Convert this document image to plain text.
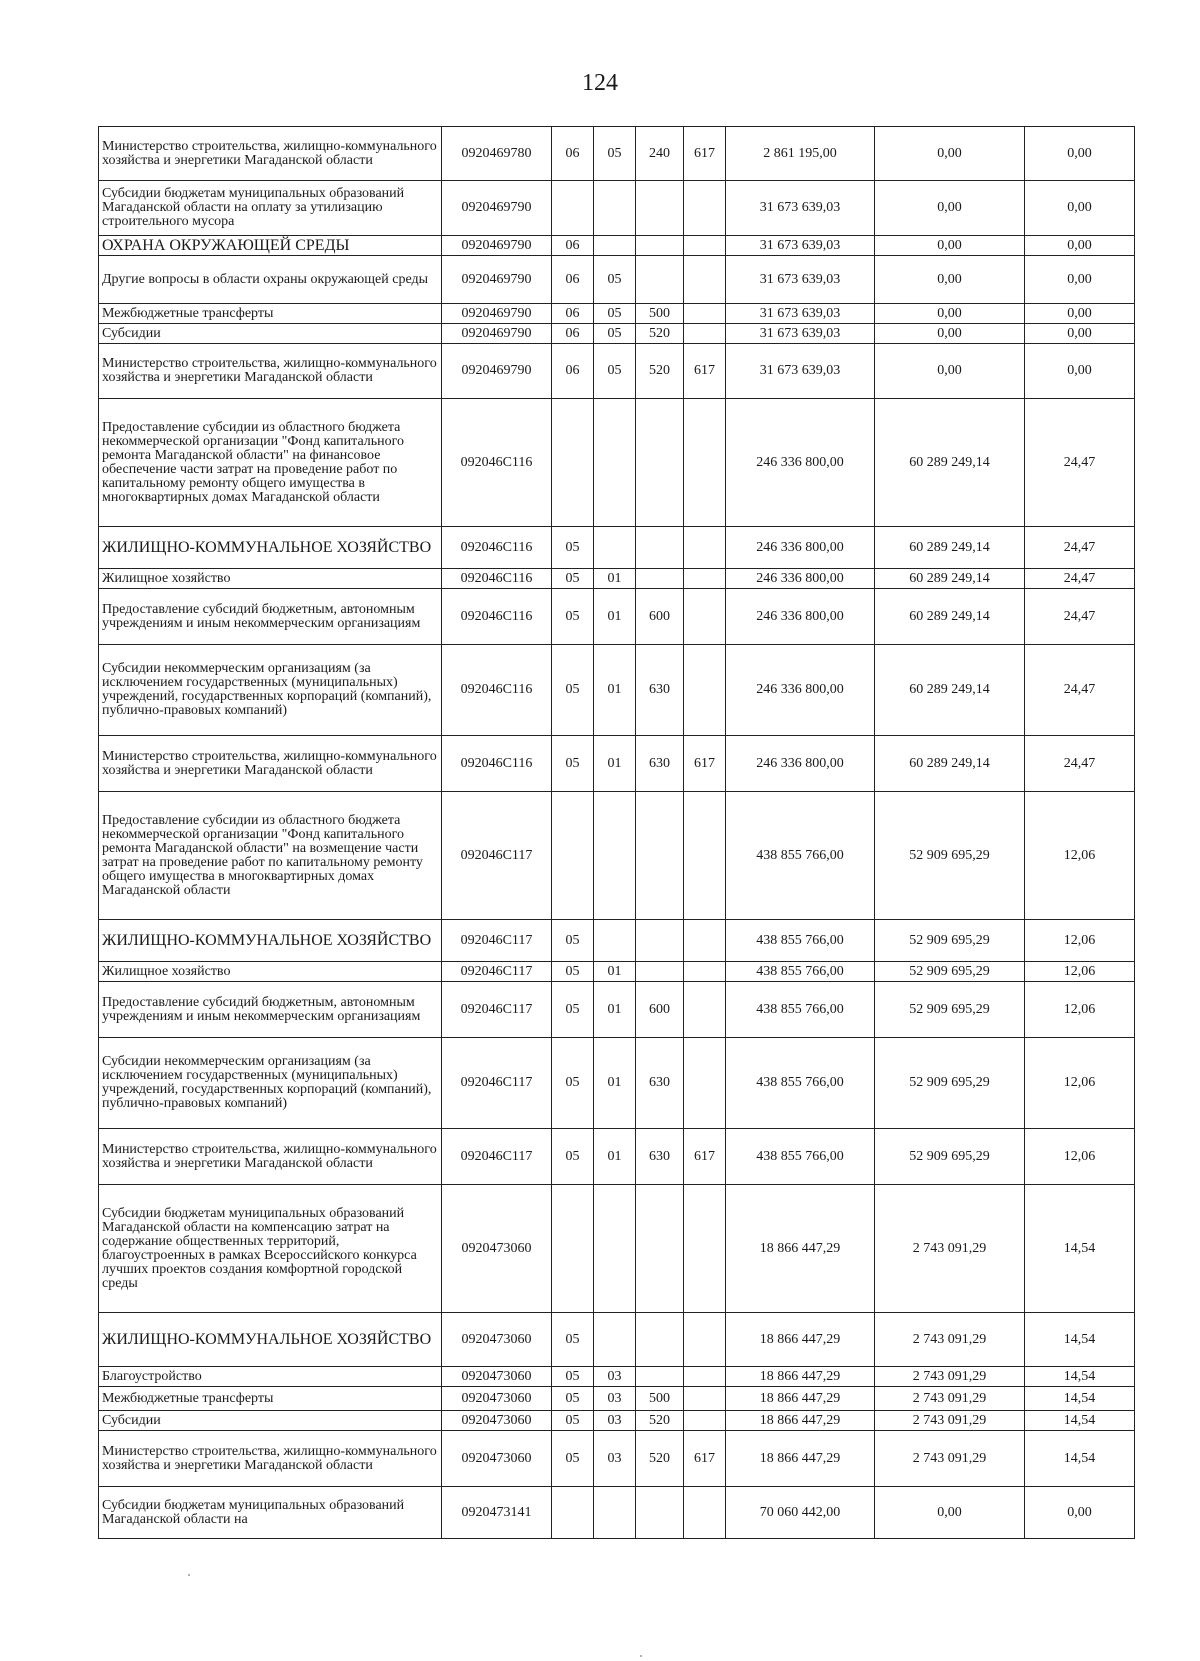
124
Министерство строительства, жилищно-коммунального хозяйства и энергетики Магаданской области	0920469780	06	05	240	617	2 861 195,00	0,00	0,00
Субсидии бюджетам муниципальных образований Магаданской области на оплату за утилизацию строительного мусора	0920469790					31 673 639,03	0,00	0,00
ОХРАНА ОКРУЖАЮЩЕЙ СРЕДЫ	0920469790	06				31 673 639,03	0,00	0,00
Другие вопросы в области охраны окружающей среды	0920469790	06	05			31 673 639,03	0,00	0,00
Межбюджетные трансферты	0920469790	06	05	500		31 673 639,03	0,00	0,00
Субсидии	0920469790	06	05	520		31 673 639,03	0,00	0,00
Министерство строительства, жилищно-коммунального хозяйства и энергетики Магаданской области	0920469790	06	05	520	617	31 673 639,03	0,00	0,00
Предоставление субсидии из областного бюджета некоммерческой организации "Фонд капитального ремонта Магаданской области" на финансовое обеспечение части затрат на проведение работ по капитальному ремонту общего имущества в многоквартирных домах Магаданской области	092046С116					246 336 800,00	60 289 249,14	24,47
ЖИЛИЩНО-КОММУНАЛЬНОЕ ХОЗЯЙСТВО	092046С116	05				246 336 800,00	60 289 249,14	24,47
Жилищное хозяйство	092046С116	05	01			246 336 800,00	60 289 249,14	24,47
Предоставление субсидий бюджетным, автономным учреждениям и иным некоммерческим организациям	092046С116	05	01	600		246 336 800,00	60 289 249,14	24,47
Субсидии некоммерческим организациям (за исключением государственных (муниципальных) учреждений, государственных корпораций (компаний), публично-правовых компаний)	092046С116	05	01	630		246 336 800,00	60 289 249,14	24,47
Министерство строительства, жилищно-коммунального хозяйства и энергетики Магаданской области	092046С116	05	01	630	617	246 336 800,00	60 289 249,14	24,47
Предоставление субсидии из областного бюджета некоммерческой организации "Фонд капитального ремонта Магаданской области" на возмещение части затрат на проведение работ по капитальному ремонту общего имущества в многоквартирных домах Магаданской области	092046С117					438 855 766,00	52 909 695,29	12,06
ЖИЛИЩНО-КОММУНАЛЬНОЕ ХОЗЯЙСТВО	092046С117	05				438 855 766,00	52 909 695,29	12,06
Жилищное хозяйство	092046С117	05	01			438 855 766,00	52 909 695,29	12,06
Предоставление субсидий бюджетным, автономным учреждениям и иным некоммерческим организациям	092046С117	05	01	600		438 855 766,00	52 909 695,29	12,06
Субсидии некоммерческим организациям (за исключением государственных (муниципальных) учреждений, государственных корпораций (компаний), публично-правовых компаний)	092046С117	05	01	630		438 855 766,00	52 909 695,29	12,06
Министерство строительства, жилищно-коммунального хозяйства и энергетики Магаданской области	092046С117	05	01	630	617	438 855 766,00	52 909 695,29	12,06
Субсидии бюджетам муниципальных образований Магаданской области на компенсацию затрат на содержание общественных территорий, благоустроенных в рамках Всероссийского конкурса лучших проектов создания комфортной городской среды	0920473060					18 866 447,29	2 743 091,29	14,54
ЖИЛИЩНО-КОММУНАЛЬНОЕ ХОЗЯЙСТВО	0920473060	05				18 866 447,29	2 743 091,29	14,54
Благоустройство	0920473060	05	03			18 866 447,29	2 743 091,29	14,54
Межбюджетные трансферты	0920473060	05	03	500		18 866 447,29	2 743 091,29	14,54
Субсидии	0920473060	05	03	520		18 866 447,29	2 743 091,29	14,54
Министерство строительства, жилищно-коммунального хозяйства и энергетики Магаданской области	0920473060	05	03	520	617	18 866 447,29	2 743 091,29	14,54
Субсидии бюджетам муниципальных образований Магаданской области на	0920473141					70 060 442,00	0,00	0,00
